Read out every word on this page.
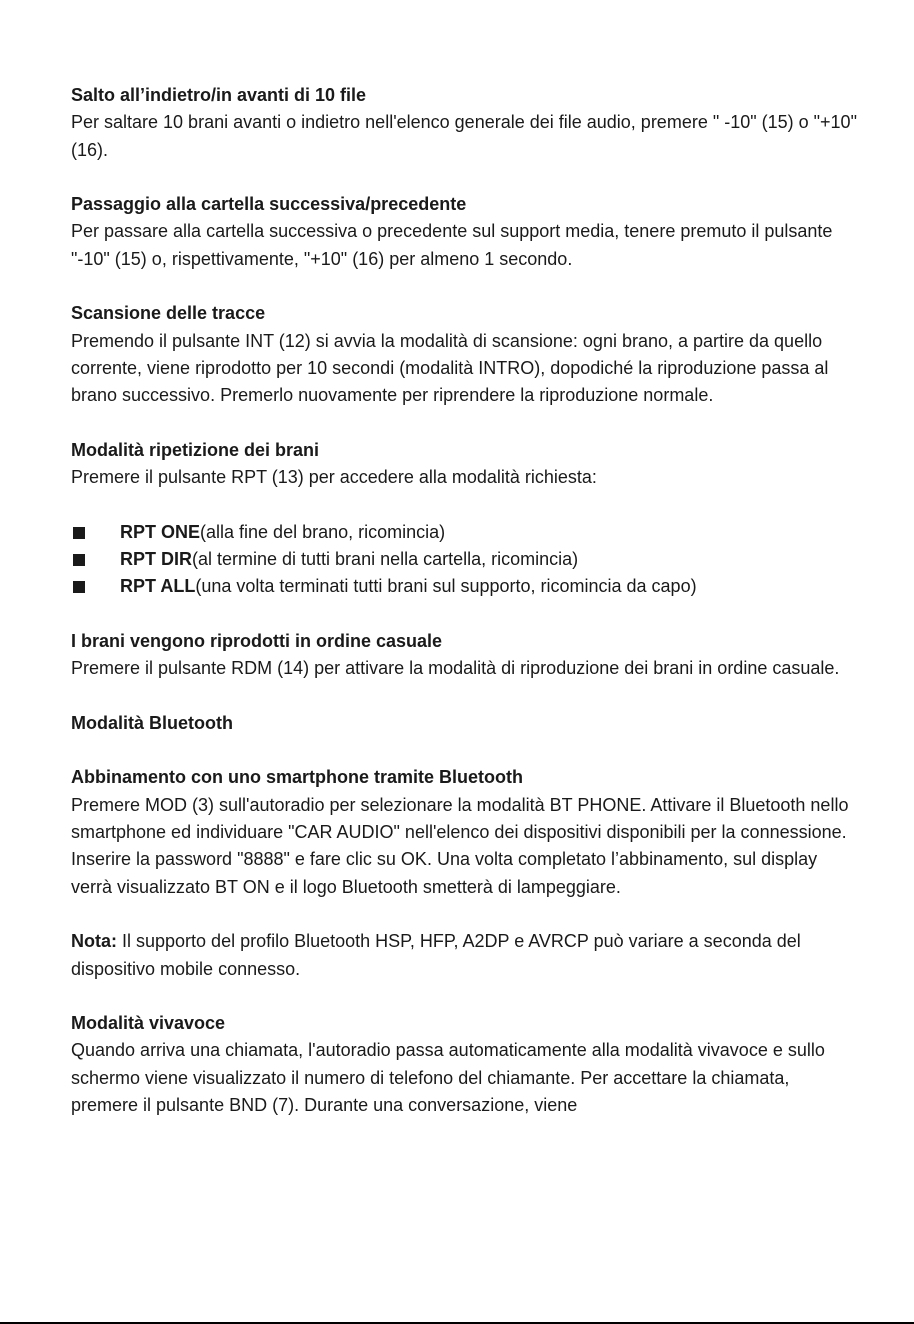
Salto all’indietro/in avanti di 10 file

Per saltare 10 brani avanti o indietro nell'elenco generale dei file audio, premere " -10" (15) o "+10" (16).

Passaggio alla cartella successiva/precedente

Per passare alla cartella successiva o precedente sul support media, tenere premuto il pulsante "-10" (15) o, rispettivamente, "+10" (16) per almeno 1 secondo.

Scansione delle tracce

Premendo il pulsante INT (12) si avvia la modalità di scansione: ogni brano, a partire da quello corrente, viene riprodotto per 10 secondi (modalità INTRO), dopodiché la riproduzione passa al brano successivo. Premerlo nuovamente per riprendere la riproduzione normale.

Modalità ripetizione dei brani

Premere il pulsante RPT (13) per accedere alla modalità richiesta:

RPT ONE(alla fine del brano, ricomincia)
RPT DIR(al termine di tutti brani nella cartella, ricomincia)
RPT ALL(una volta terminati tutti brani sul supporto, ricomincia da capo)

I brani vengono riprodotti in ordine casuale

Premere il pulsante RDM (14) per attivare la modalità di riproduzione dei brani in ordine casuale.

Modalità Bluetooth

Abbinamento con uno smartphone tramite Bluetooth

Premere MOD (3) sull'autoradio per selezionare la modalità BT PHONE. Attivare il Bluetooth nello smartphone ed individuare "CAR AUDIO" nell'elenco dei dispositivi disponibili per la connessione. Inserire la password "8888" e fare clic su OK. Una volta completato l’abbinamento, sul display verrà visualizzato BT ON e il logo Bluetooth smetterà di lampeggiare.

Nota: Il supporto del profilo Bluetooth HSP, HFP, A2DP e AVRCP può variare a seconda del dispositivo mobile connesso.

Modalità vivavoce

Quando arriva una chiamata, l'autoradio passa automaticamente alla modalità vivavoce e sullo schermo viene visualizzato il numero di telefono del chiamante. Per accettare la chiamata, premere il pulsante BND (7). Durante una conversazione, viene
